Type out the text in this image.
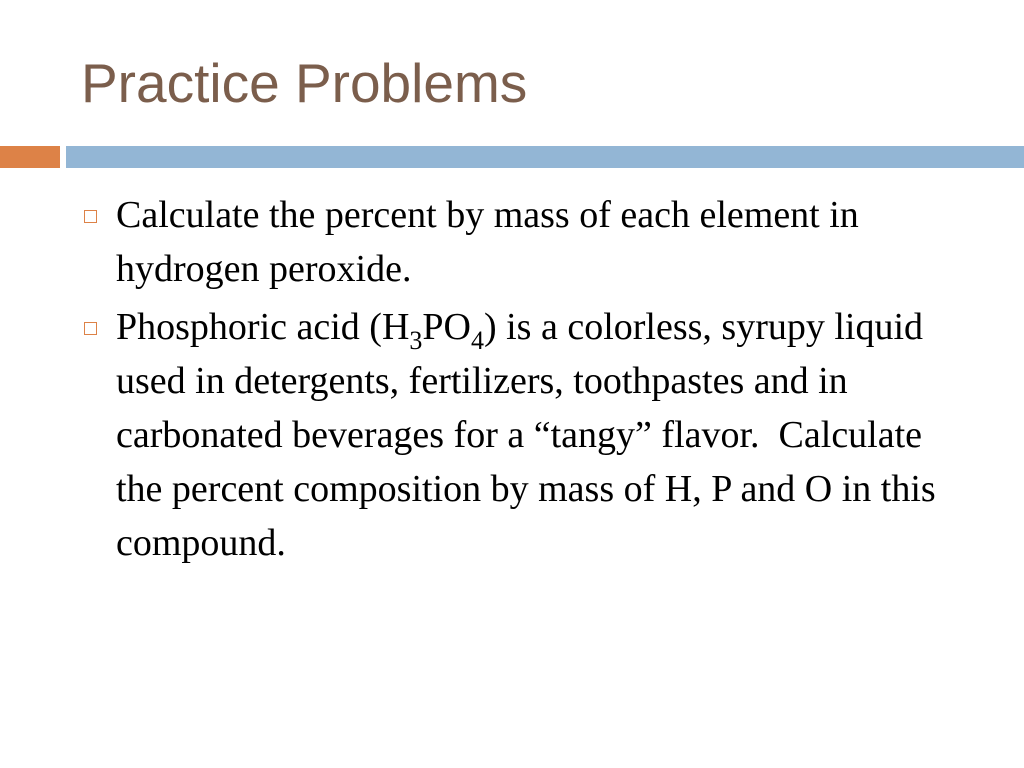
Practice Problems
Calculate the percent by mass of each element in hydrogen peroxide.
Phosphoric acid $(H_3PO_4)$ is a colorless, syrupy liquid used in detergents, fertilizers, toothpastes and in carbonated beverages for a “tangy” flavor.  Calculate the percent composition by mass of H, P and O in this compound.
